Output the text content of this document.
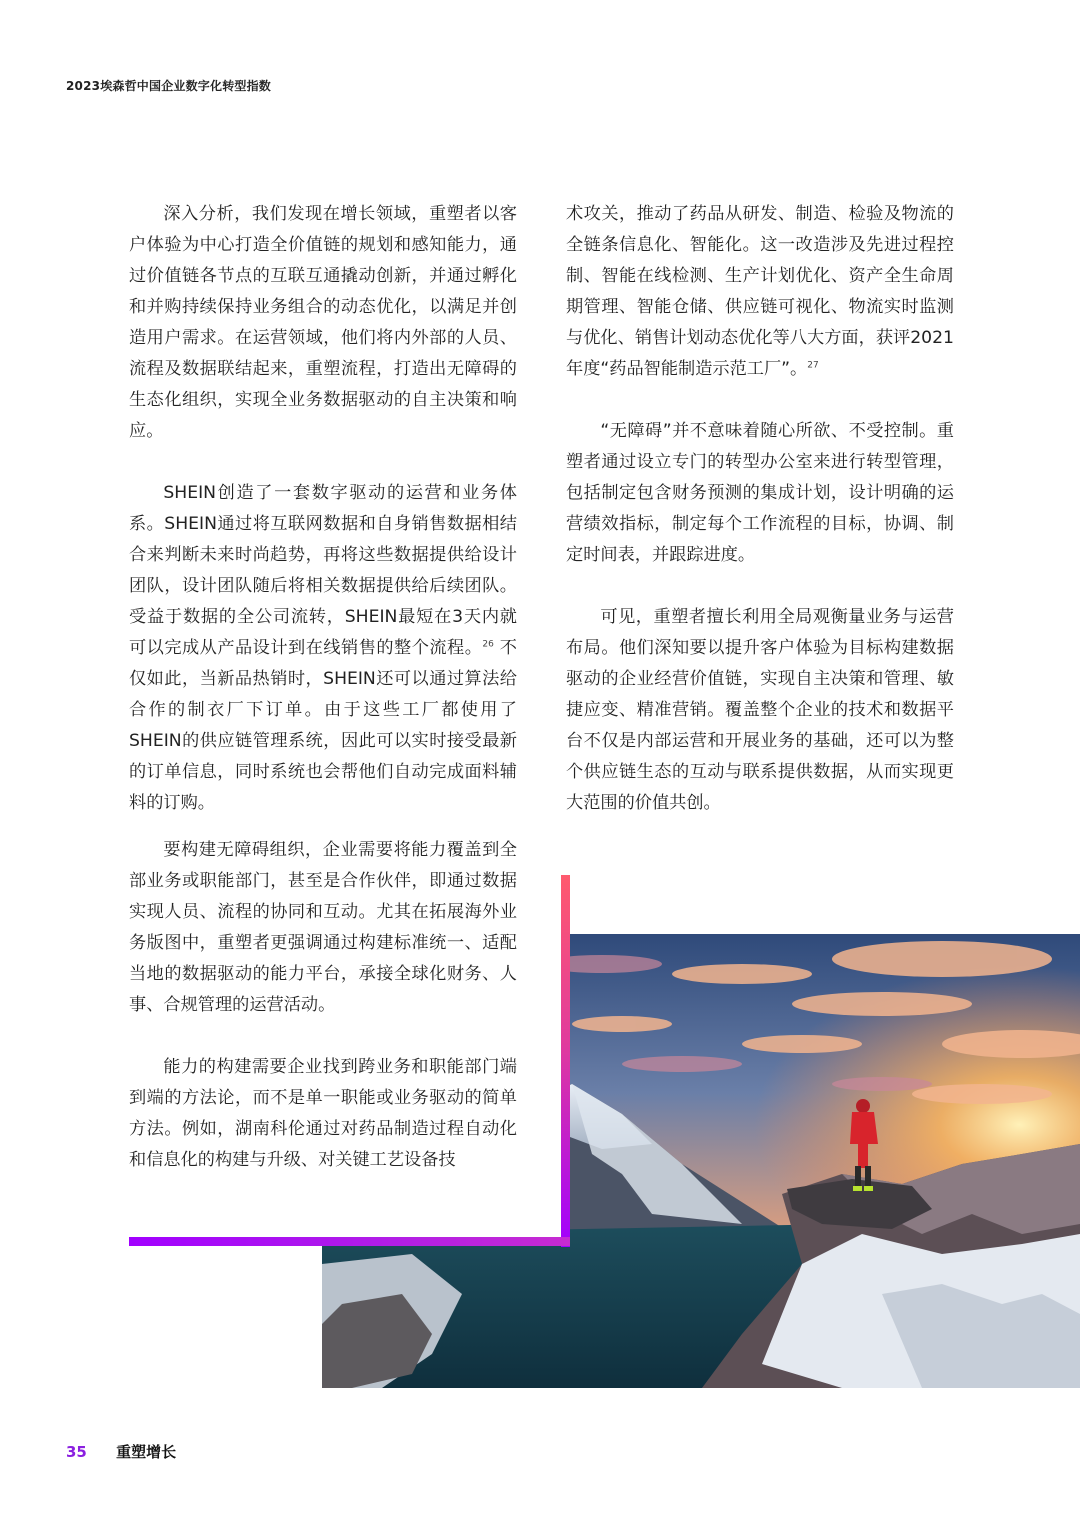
2023埃森哲中国企业数字化转型指数

深入分析，我们发现在增长领域，重塑者以客户体验为中心打造全价值链的规划和感知能力，通过价值链各节点的互联互通撬动创新，并通过孵化和并购持续保持业务组合的动态优化，以满足并创造用户需求。在运营领域，他们将内外部的人员、流程及数据联结起来，重塑流程，打造出无障碍的生态化组织，实现全业务数据驱动的自主决策和响应。

SHEIN创造了一套数字驱动的运营和业务体系。SHEIN通过将互联网数据和自身销售数据相结合来判断未来时尚趋势，再将这些数据提供给设计团队，设计团队随后将相关数据提供给后续团队。受益于数据的全公司流转，SHEIN最短在3天内就可以完成从产品设计到在线销售的整个流程。$^{26}$ 不仅如此，当新品热销时，SHEIN还可以通过算法给合作的制衣厂下订单。由于这些工厂都使用了SHEIN的供应链管理系统，因此可以实时接受最新的订单信息，同时系统也会帮他们自动完成面料辅料的订购。

要构建无障碍组织，企业需要将能力覆盖到全部业务或职能部门，甚至是合作伙伴，即通过数据实现人员、流程的协同和互动。尤其在拓展海外业务版图中，重塑者更强调通过构建标准统一、适配当地的数据驱动的能力平台，承接全球化财务、人事、合规管理的运营活动。

能力的构建需要企业找到跨业务和职能部门端到端的方法论，而不是单一职能或业务驱动的简单方法。例如，湖南科伦通过对药品制造过程自动化和信息化的构建与升级、对关键工艺设备技

术攻关，推动了药品从研发、制造、检验及物流的全链条信息化、智能化。这一改造涉及先进过程控制、智能在线检测、生产计划优化、资产全生命周期管理、智能仓储、供应链可视化、物流实时监测与优化、销售计划动态优化等八大方面，获评2021年度“药品智能制造示范工厂”。$^{27}$

“无障碍”并不意味着随心所欲、不受控制。重塑者通过设立专门的转型办公室来进行转型管理，包括制定包含财务预测的集成计划，设计明确的运营绩效指标，制定每个工作流程的目标，协调、制定时间表，并跟踪进度。

可见，重塑者擅长利用全局观衡量业务与运营布局。他们深知要以提升客户体验为目标构建数据驱动的企业经营价值链，实现自主决策和管理、敏捷应变、精准营销。覆盖整个企业的技术和数据平台不仅是内部运营和开展业务的基础，还可以为整个供应链生态的互动与联系提供数据，从而实现更大范围的价值共创。

35 重塑增长
